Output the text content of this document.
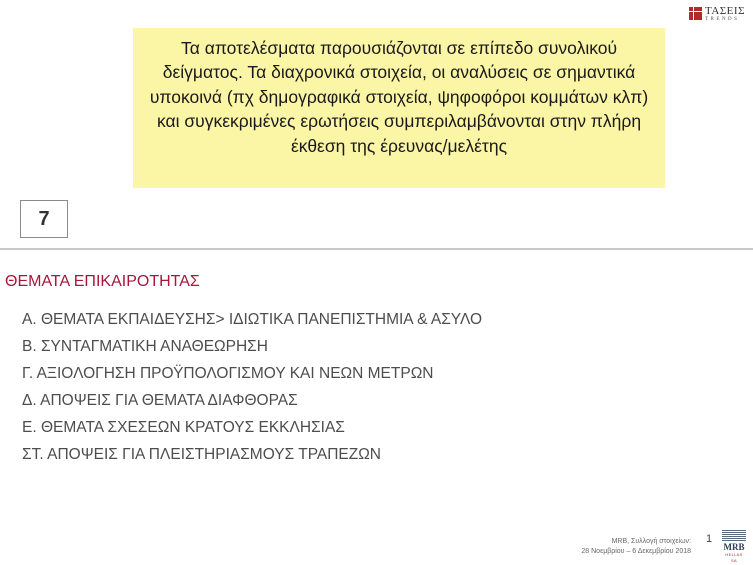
ΤΑΣΕΙΣ
TRENDS
Τα αποτελέσματα παρουσιάζονται σε επίπεδο συνολικού δείγματος. Τα διαχρονικά στοιχεία, οι αναλύσεις σε σημαντικά υποκοινά (πχ δημογραφικά στοιχεία, ψηφοφόροι κομμάτων κλπ) και συγκεκριμένες ερωτήσεις συμπεριλαμβάνονται στην πλήρη έκθεση της έρευνας/μελέτης
7
ΘΕΜΑΤΑ ΕΠΙΚΑΙΡΟΤΗΤΑΣ
Α. ΘΕΜΑΤΑ ΕΚΠΑΙΔΕΥΣΗΣ> ΙΔΙΩΤΙΚΑ ΠΑΝΕΠΙΣΤΗΜΙΑ & ΑΣΥΛΟ
Β. ΣΥΝΤΑΓΜΑΤΙΚΗ ΑΝΑΘΕΩΡΗΣΗ
Γ. ΑΞΙΟΛΟΓΗΣΗ ΠΡΟΫΠΟΛΟΓΙΣΜΟΥ ΚΑΙ ΝΕΩΝ ΜΕΤΡΩΝ
Δ. ΑΠΟΨΕΙΣ ΓΙΑ ΘΕΜΑΤΑ ΔΙΑΦΘΟΡΑΣ
Ε. ΘΕΜΑΤΑ ΣΧΕΣΕΩΝ ΚΡΑΤΟΥΣ ΕΚΚΛΗΣΙΑΣ
ΣΤ. ΑΠΟΨΕΙΣ ΓΙΑ ΠΛΕΙΣΤΗΡΙΑΣΜΟΥΣ ΤΡΑΠΕΖΩΝ
MRB, Συλλογή στοιχείων:
28 Νοεμβρίου – 6 Δεκεμβρίου 2018
1
MRB
HELLAS SA
